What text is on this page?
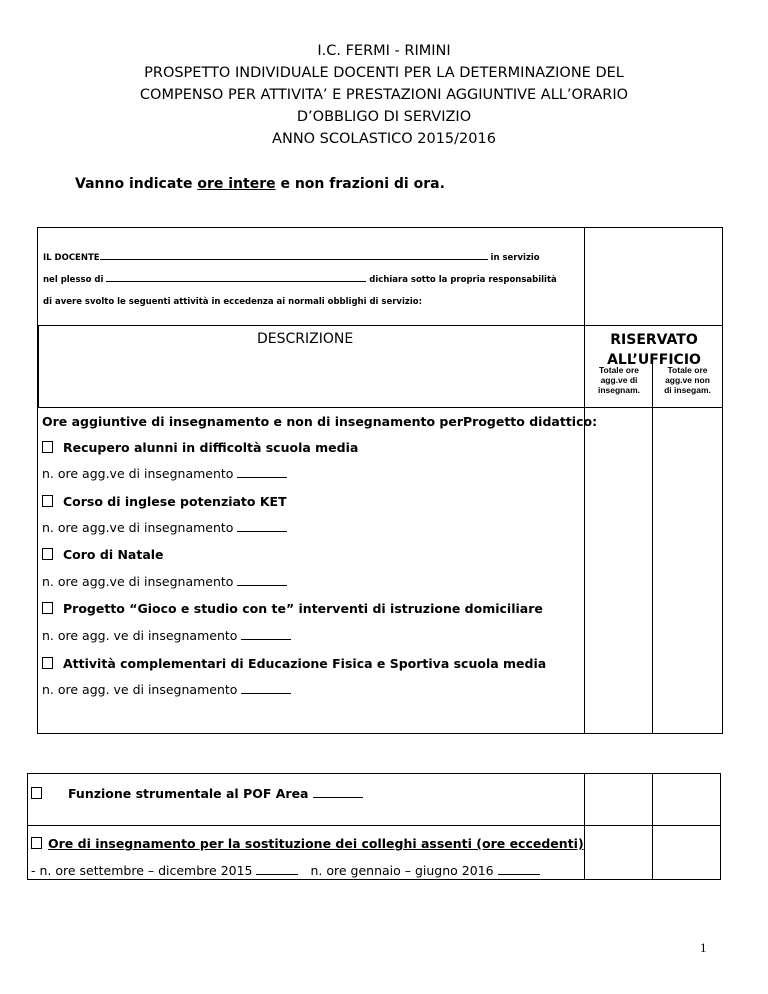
I.C. FERMI - RIMINI
PROSPETTO INDIVIDUALE DOCENTI PER LA DETERMINAZIONE DEL
COMPENSO PER ATTIVITA’ E PRESTAZIONI AGGIUNTIVE ALL’ORARIO
D’OBBLIGO DI SERVIZIO
ANNO SCOLASTICO 2015/2016
Vanno indicate ore intere e non frazioni di ora.
IL DOCENTE	in servizio
nel plesso di	dichiara sotto la propria responsabilità
di avere svolto le seguenti attività in eccedenza ai normali obblighi di servizio:
DESCRIZIONE	RISERVATO
ALL’UFFICIO
Totale ore
agg.ve di
insegnam.
Totale ore
agg.ve non
di insegam.
Ore aggiuntive di insegnamento e non di insegnamento perProgetto didattico:
Recupero alunni in difficoltà scuola media
n. ore agg.ve di insegnamento
Corso di inglese potenziato KET
n. ore agg.ve di insegnamento
Coro di Natale
n. ore agg.ve di insegnamento
Progetto “Gioco e studio con te” interventi di istruzione domiciliare
n. ore agg. ve di insegnamento
Attività complementari di Educazione Fisica e Sportiva scuola media
n. ore agg. ve di insegnamento
Funzione strumentale al POF Area
Ore di insegnamento per la sostituzione dei colleghi assenti (ore eccedenti)
- n. ore settembre – dicembre 2015	n. ore gennaio – giugno 2016
1
